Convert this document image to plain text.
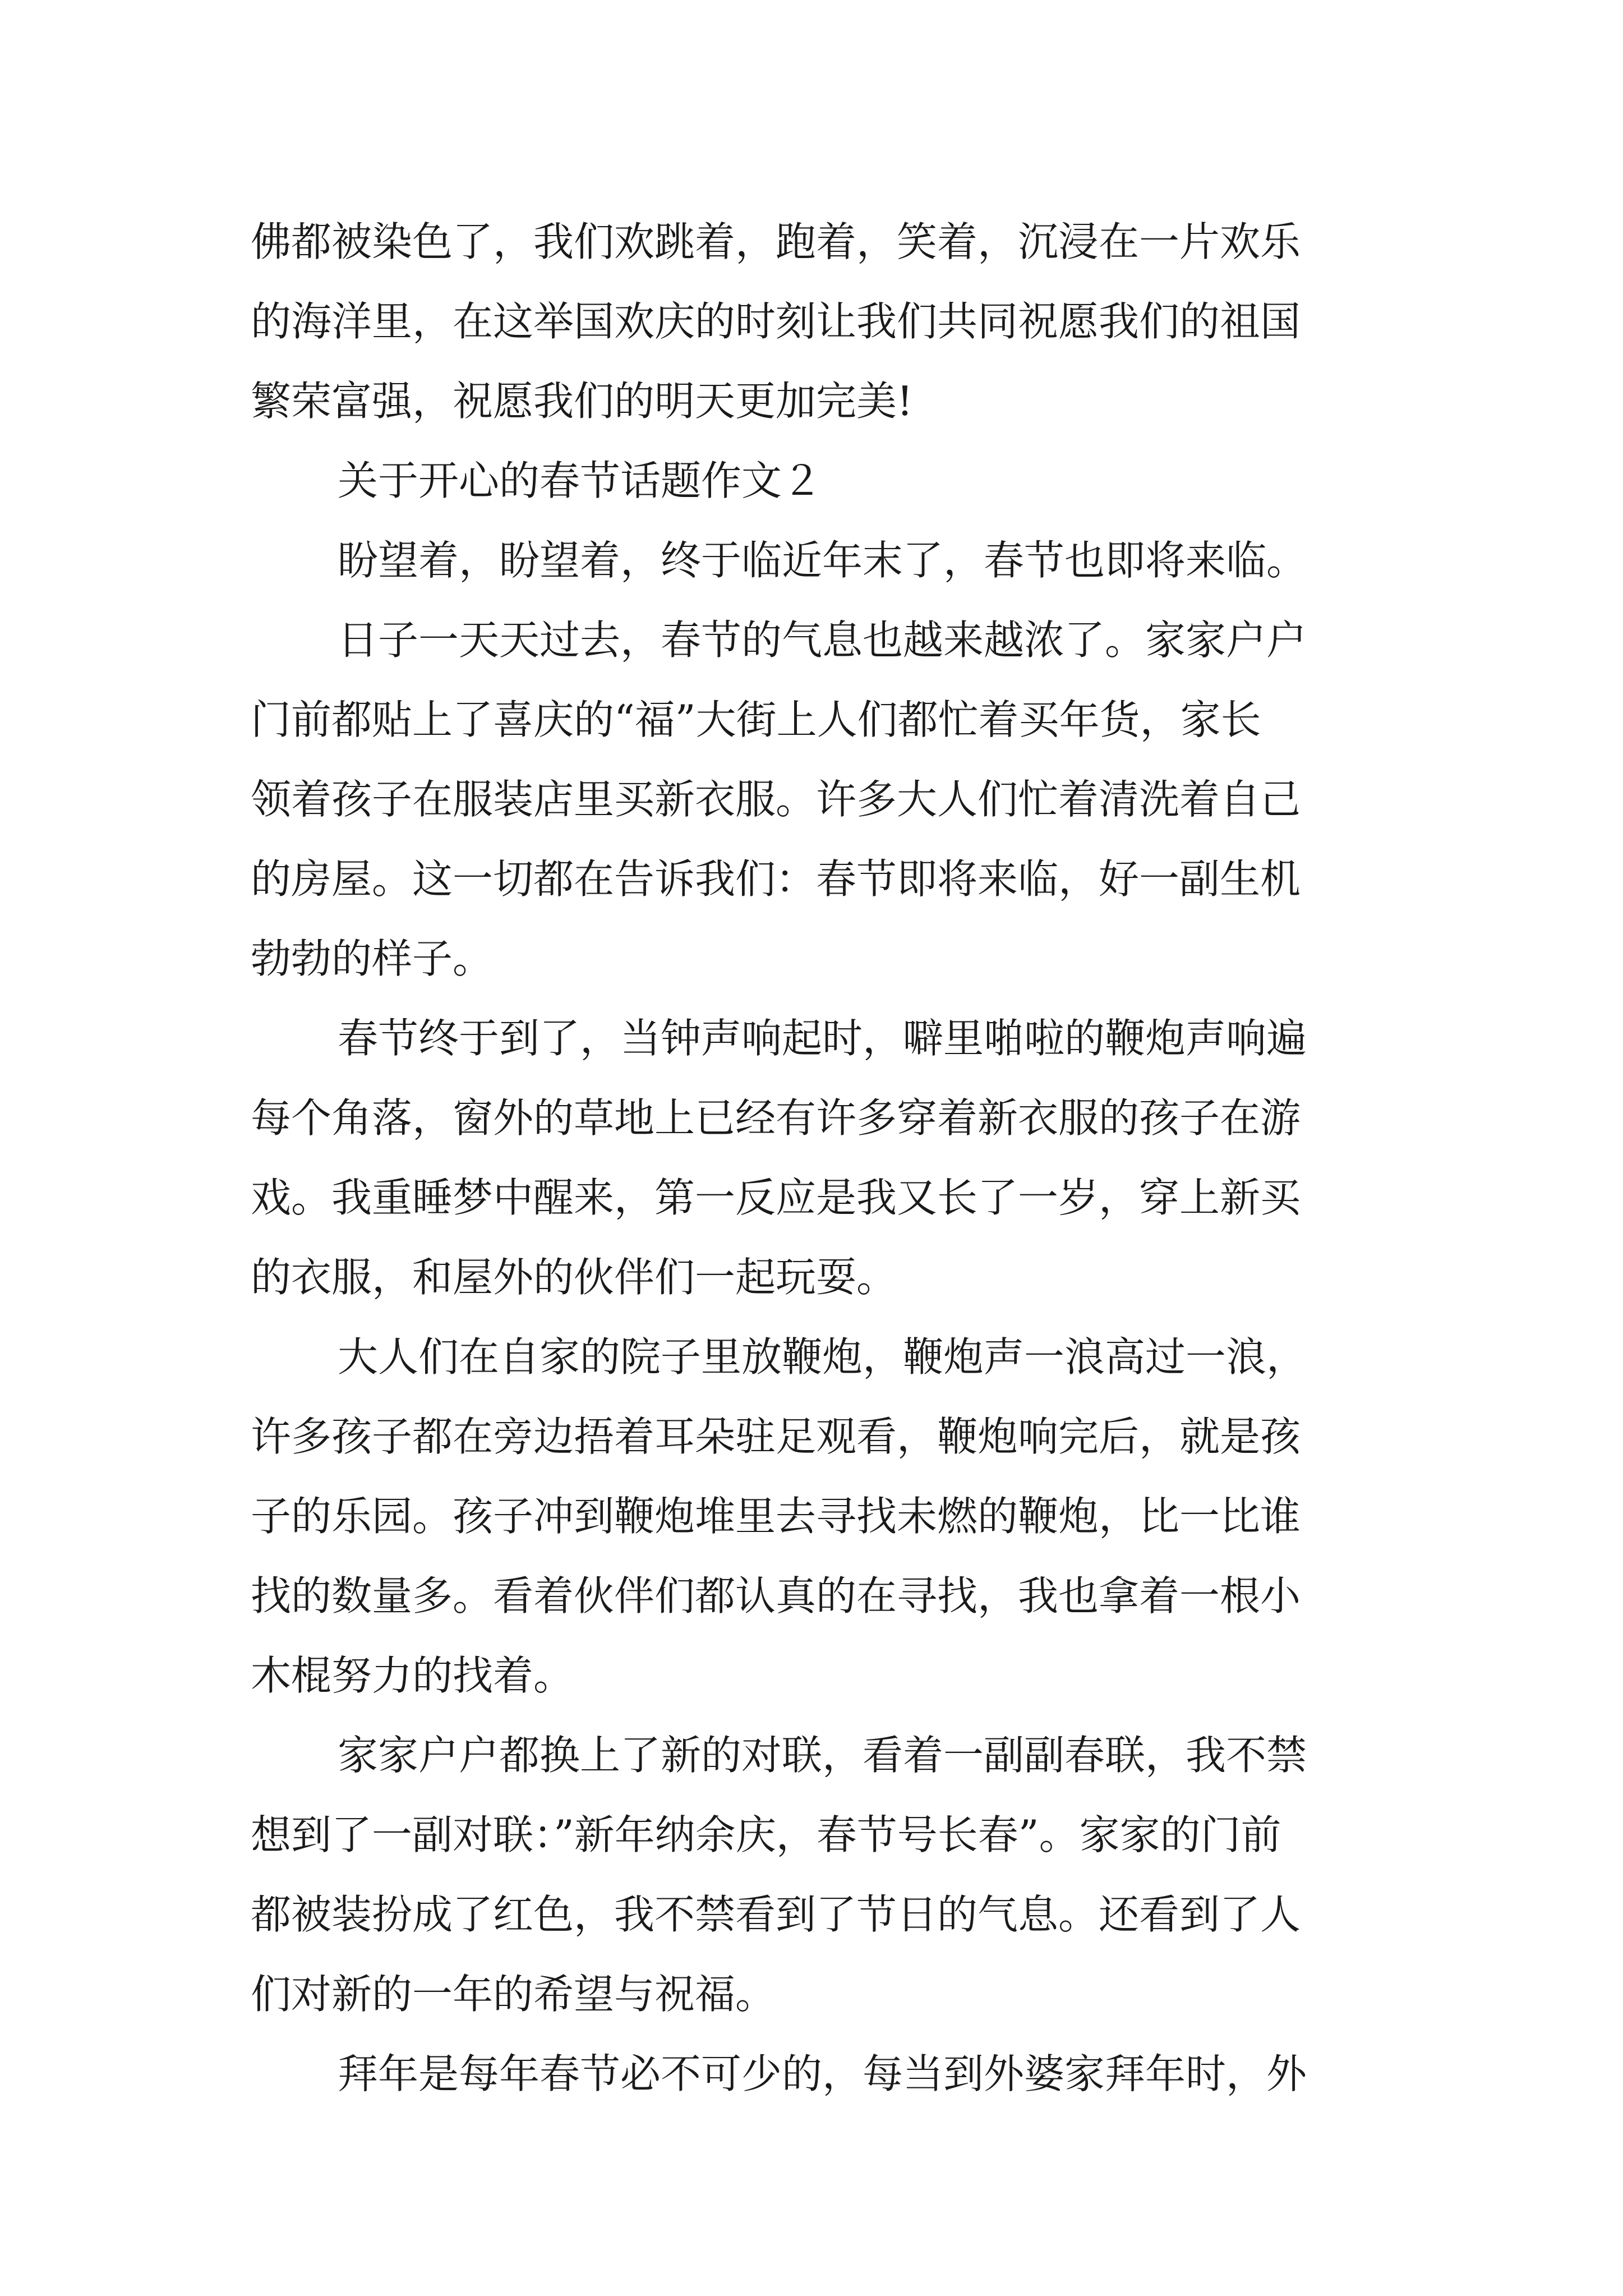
佛都被染色了，我们欢跳着，跑着，笑着，沉浸在一片欢乐
的海洋里，在这举国欢庆的时刻让我们共同祝愿我们的祖国
繁荣富强，祝愿我们的明天更加完美!
关于开心的春节话题作文２
盼望着，盼望着，终于临近年末了，春节也即将来临。
日子一天天过去，春节的气息也越来越浓了。家家户户
门前都贴上了喜庆的“福”大街上人们都忙着买年货，家长
领着孩子在服装店里买新衣服。许多大人们忙着清洗着自己
的房屋。这一切都在告诉我们：春节即将来临，好一副生机
勃勃的样子。
春节终于到了，当钟声响起时，噼里啪啦的鞭炮声响遍
每个角落，窗外的草地上已经有许多穿着新衣服的孩子在游
戏。我重睡梦中醒来，第一反应是我又长了一岁，穿上新买
的衣服，和屋外的伙伴们一起玩耍。
大人们在自家的院子里放鞭炮，鞭炮声一浪高过一浪，
许多孩子都在旁边捂着耳朵驻足观看，鞭炮响完后，就是孩
子的乐园。孩子冲到鞭炮堆里去寻找未燃的鞭炮，比一比谁
找的数量多。看着伙伴们都认真的在寻找，我也拿着一根小
木棍努力的找着。
家家户户都换上了新的对联，看着一副副春联，我不禁
想到了一副对联：”新年纳余庆，春节号长春”。家家的门前
都被装扮成了红色，我不禁看到了节日的气息。还看到了人
们对新的一年的希望与祝福。
拜年是每年春节必不可少的，每当到外婆家拜年时，外
